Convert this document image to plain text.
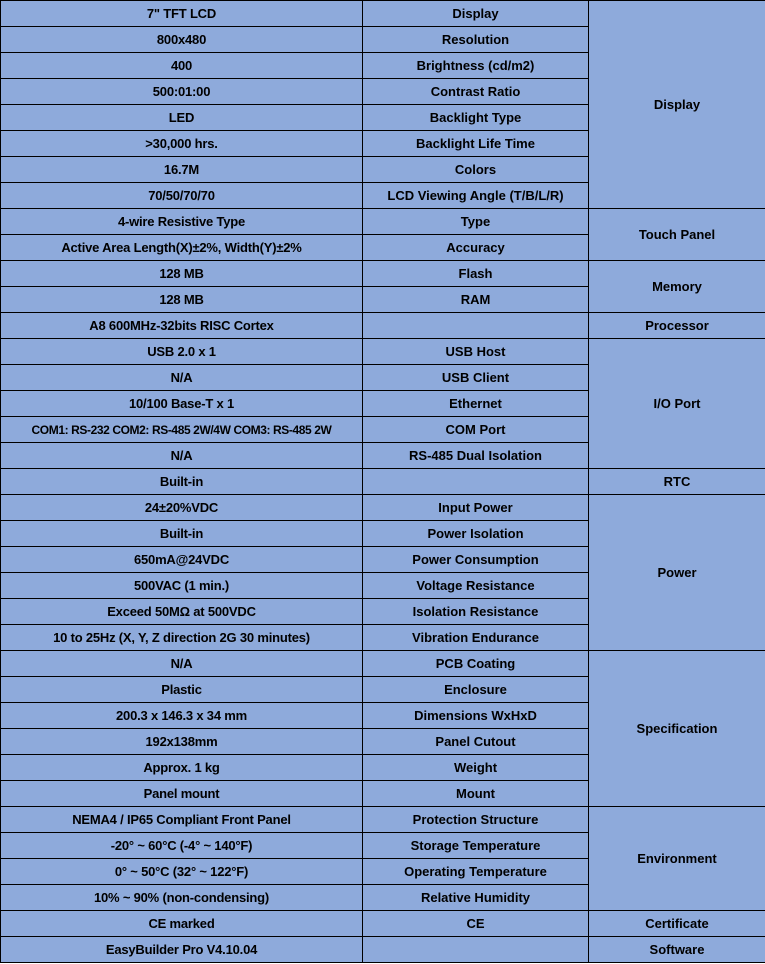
7" TFT LCD	Display	Display
800x480	Resolution	
400	Brightness (cd/m2)	
500:01:00	Contrast Ratio	
LED	Backlight Type	
>30,000 hrs.	Backlight Life Time	
16.7M	Colors	
70/50/70/70	LCD Viewing Angle (T/B/L/R)	
4-wire Resistive Type	Type	Touch Panel
Active Area Length(X)±2%, Width(Y)±2%	Accuracy	
128 MB	Flash	Memory
128 MB	RAM	
A8 600MHz-32bits RISC Cortex		Processor
USB 2.0 x 1	USB Host	I/O Port
N/A	USB Client	
10/100 Base-T x 1	Ethernet	
COM1: RS-232 COM2: RS-485 2W/4W COM3: RS-485 2W	COM Port	
N/A	RS-485 Dual Isolation	
Built-in		RTC
24±20%VDC	Input Power	Power
Built-in	Power Isolation	
650mA@24VDC	Power Consumption	
500VAC (1 min.)	Voltage Resistance	
Exceed 50MΩ at 500VDC	Isolation Resistance	
10 to 25Hz (X, Y, Z direction 2G 30 minutes)	Vibration Endurance	
N/A	PCB Coating	Specification
Plastic	Enclosure	
200.3 x 146.3 x 34 mm	Dimensions WxHxD	
192x138mm	Panel Cutout	
Approx. 1 kg	Weight	
Panel mount	Mount	
NEMA4 / IP65 Compliant Front Panel	Protection Structure	Environment
-20° ~ 60°C (-4° ~ 140°F)	Storage Temperature	
0° ~ 50°C (32° ~ 122°F)	Operating Temperature	
10% ~ 90% (non-condensing)	Relative Humidity	
CE marked	CE	Certificate
EasyBuilder Pro V4.10.04		Software
